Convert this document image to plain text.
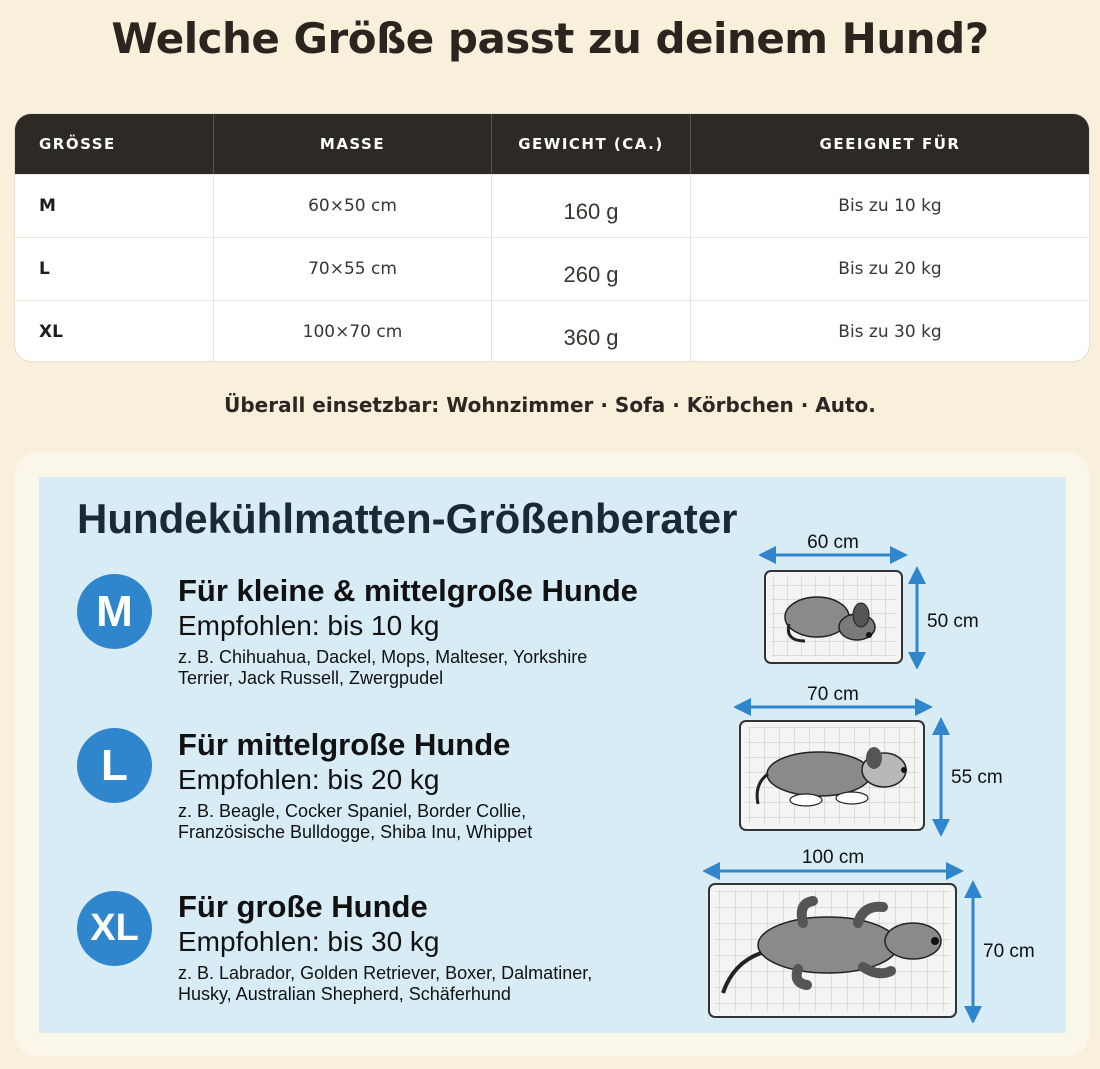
Welche Größe passt zu deinem Hund?
GRÖSSE	MASSE	GEWICHT (CA.)	GEEIGNET FÜR
M	60×50 cm	160 g	Bis zu 10 kg
L	70×55 cm	260 g	Bis zu 20 kg
XL	100×70 cm	360 g	Bis zu 30 kg
Überall einsetzbar: Wohnzimmer · Sofa · Körbchen · Auto.
Hundekühlmatten-Größenberater
M	Für kleine & mittelgroße Hunde
Empfohlen: bis 10 kg
z. B. Chihuahua, Dackel, Mops, Malteser, Yorkshire Terrier, Jack Russell, Zwergpudel
L	Für mittelgroße Hunde
Empfohlen: bis 20 kg
z. B. Beagle, Cocker Spaniel, Border Collie, Französische Bulldogge, Shiba Inu, Whippet
XL
Für große Hunde
Empfohlen: bis 30 kg
z. B. Labrador, Golden Retriever, Boxer, Dalmatiner, Husky, Australian Shepherd, Schäferhund
60 cm
50 cm
70 cm
55 cm
100 cm
70 cm
